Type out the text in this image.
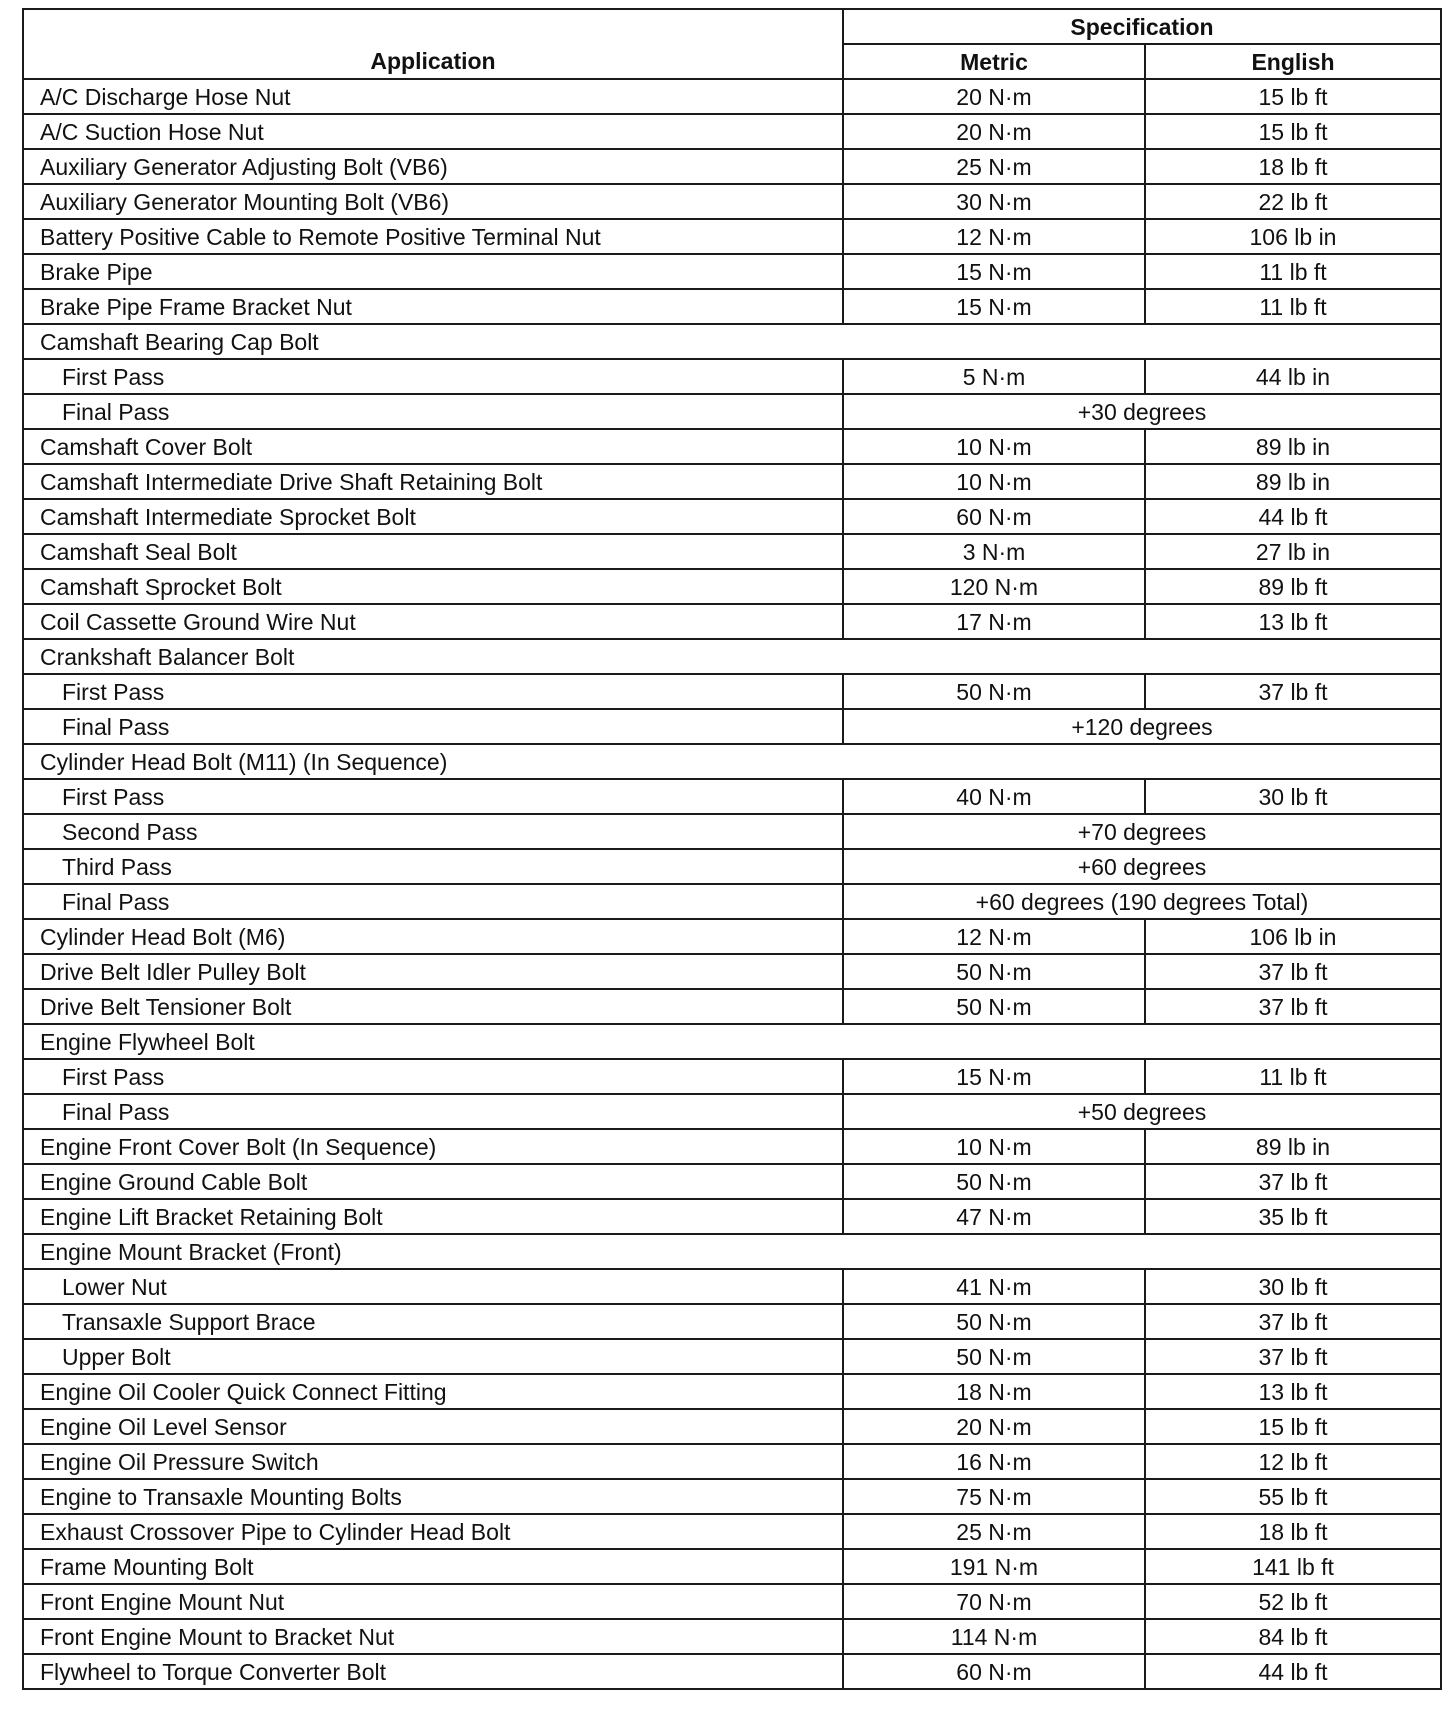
Application	Specification	
	Metric	English
A/C Discharge Hose Nut	20 N·m	15 lb ft
A/C Suction Hose Nut	20 N·m	15 lb ft
Auxiliary Generator Adjusting Bolt (VB6)	25 N·m	18 lb ft
Auxiliary Generator Mounting Bolt (VB6)	30 N·m	22 lb ft
Battery Positive Cable to Remote Positive Terminal Nut	12 N·m	106 lb in
Brake Pipe	15 N·m	11 lb ft
Brake Pipe Frame Bracket Nut	15 N·m	11 lb ft
Camshaft Bearing Cap Bolt		
First Pass	5 N·m	44 lb in
Final Pass	+30 degrees	
Camshaft Cover Bolt	10 N·m	89 lb in
Camshaft Intermediate Drive Shaft Retaining Bolt	10 N·m	89 lb in
Camshaft Intermediate Sprocket Bolt	60 N·m	44 lb ft
Camshaft Seal Bolt	3 N·m	27 lb in
Camshaft Sprocket Bolt	120 N·m	89 lb ft
Coil Cassette Ground Wire Nut	17 N·m	13 lb ft
Crankshaft Balancer Bolt		
First Pass	50 N·m	37 lb ft
Final Pass	+120 degrees	
Cylinder Head Bolt (M11) (In Sequence)		
First Pass	40 N·m	30 lb ft
Second Pass	+70 degrees	
Third Pass	+60 degrees	
Final Pass	+60 degrees (190 degrees Total)	
Cylinder Head Bolt (M6)	12 N·m	106 lb in
Drive Belt Idler Pulley Bolt	50 N·m	37 lb ft
Drive Belt Tensioner Bolt	50 N·m	37 lb ft
Engine Flywheel Bolt		
First Pass	15 N·m	11 lb ft
Final Pass	+50 degrees	
Engine Front Cover Bolt (In Sequence)	10 N·m	89 lb in
Engine Ground Cable Bolt	50 N·m	37 lb ft
Engine Lift Bracket Retaining Bolt	47 N·m	35 lb ft
Engine Mount Bracket (Front)		
Lower Nut	41 N·m	30 lb ft
Transaxle Support Brace	50 N·m	37 lb ft
Upper Bolt	50 N·m	37 lb ft
Engine Oil Cooler Quick Connect Fitting	18 N·m	13 lb ft
Engine Oil Level Sensor	20 N·m	15 lb ft
Engine Oil Pressure Switch	16 N·m	12 lb ft
Engine to Transaxle Mounting Bolts	75 N·m	55 lb ft
Exhaust Crossover Pipe to Cylinder Head Bolt	25 N·m	18 lb ft
Frame Mounting Bolt	191 N·m	141 lb ft
Front Engine Mount Nut	70 N·m	52 lb ft
Front Engine Mount to Bracket Nut	114 N·m	84 lb ft
Flywheel to Torque Converter Bolt	60 N·m	44 lb ft
